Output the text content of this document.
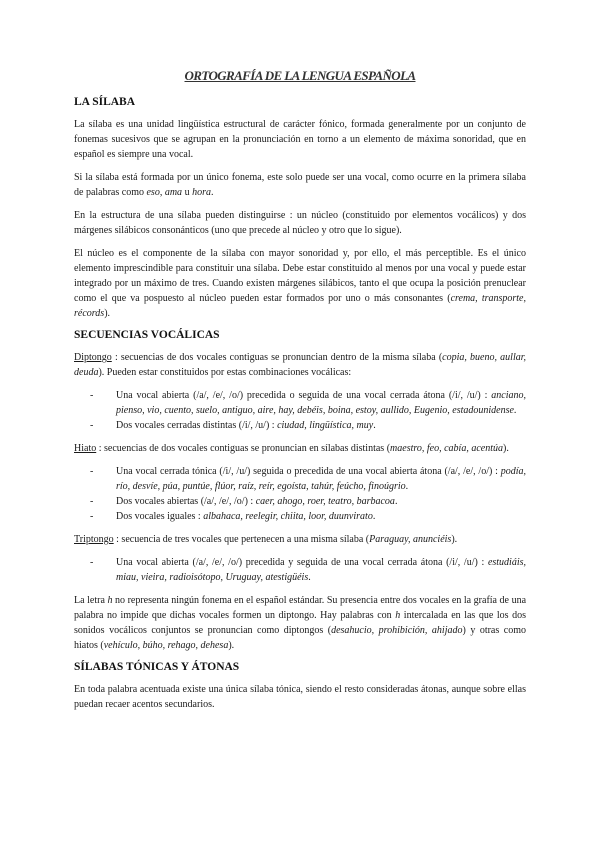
ORTOGRAFÍA DE LA LENGUA ESPAÑOLA
LA SÍLABA

La sílaba es una unidad lingüística estructural de carácter fónico, formada generalmente por un conjunto de fonemas sucesivos que se agrupan en la pronunciación en torno a un elemento de máxima sonoridad, que en español es siempre una vocal.

Si la sílaba está formada por un único fonema, este solo puede ser una vocal, como ocurre en la primera sílaba de palabras como eso, ama u hora.

En la estructura de una sílaba pueden distinguirse : un núcleo (constituido por elementos vocálicos) y dos márgenes silábicos consonánticos (uno que precede al núcleo y otro que lo sigue).

El núcleo es el componente de la sílaba con mayor sonoridad y, por ello, el más perceptible. Es el único elemento imprescindible para constituir una sílaba. Debe estar constituido al menos por una vocal y puede estar integrado por un máximo de tres. Cuando existen márgenes silábicos, tanto el que ocupa la posición prenuclear como el que va pospuesto al núcleo pueden estar formados por uno o más consonantes (crema, transporte, récords).

SECUENCIAS VOCÁLICAS

Diptongo : secuencias de dos vocales contiguas se pronuncian dentro de la misma sílaba (copia, bueno, aullar, deuda). Pueden estar constituidos por estas combinaciones vocálicas:

- Una vocal abierta (/a/, /e/, /o/) precedida o seguida de una vocal cerrada átona (/i/, /u/) : anciano, pienso, vio, cuento, suelo, antiguo, aire, hay, debéis, boina, estoy, aullido, Eugenio, estadounidense.
- Dos vocales cerradas distintas (/i/, /u/) : ciudad, lingüística, muy.

Hiato : secuencias de dos vocales contiguas se pronuncian en sílabas distintas (maestro, feo, cabía, acentúa).

- Una vocal cerrada tónica (/i/, /u/) seguida o precedida de una vocal abierta átona (/a/, /e/, /o/) : podía, río, desvíe, púa, puntúe, flúor, raíz, reír, egoísta, tahúr, feúcho, finoúgrio.
- Dos vocales abiertas (/a/, /e/, /o/) : caer, ahogo, roer, teatro, barbacoa.
- Dos vocales iguales : albahaca, reelegir, chiita, loor, duunvirato.

Triptongo : secuencia de tres vocales que pertenecen a una misma sílaba (Paraguay, anunciéis).

- Una vocal abierta (/a/, /e/, /o/) precedida y seguida de una vocal cerrada átona (/i/, /u/) : estudiáis, miau, vieira, radioisótopo, Uruguay, atestigüéis.

La letra h no representa ningún fonema en el español estándar. Su presencia entre dos vocales en la grafía de una palabra no impide que dichas vocales formen un diptongo. Hay palabras con h intercalada en las que los dos sonidos vocálicos conjuntos se pronuncian como diptongos (desahucio, prohibición, ahijado) y otras como hiatos (vehículo, búho, rehago, dehesa).

SÍLABAS TÓNICAS Y ÁTONAS

En toda palabra acentuada existe una única sílaba tónica, siendo el resto consideradas átonas, aunque sobre ellas puedan recaer acentos secundarios.
